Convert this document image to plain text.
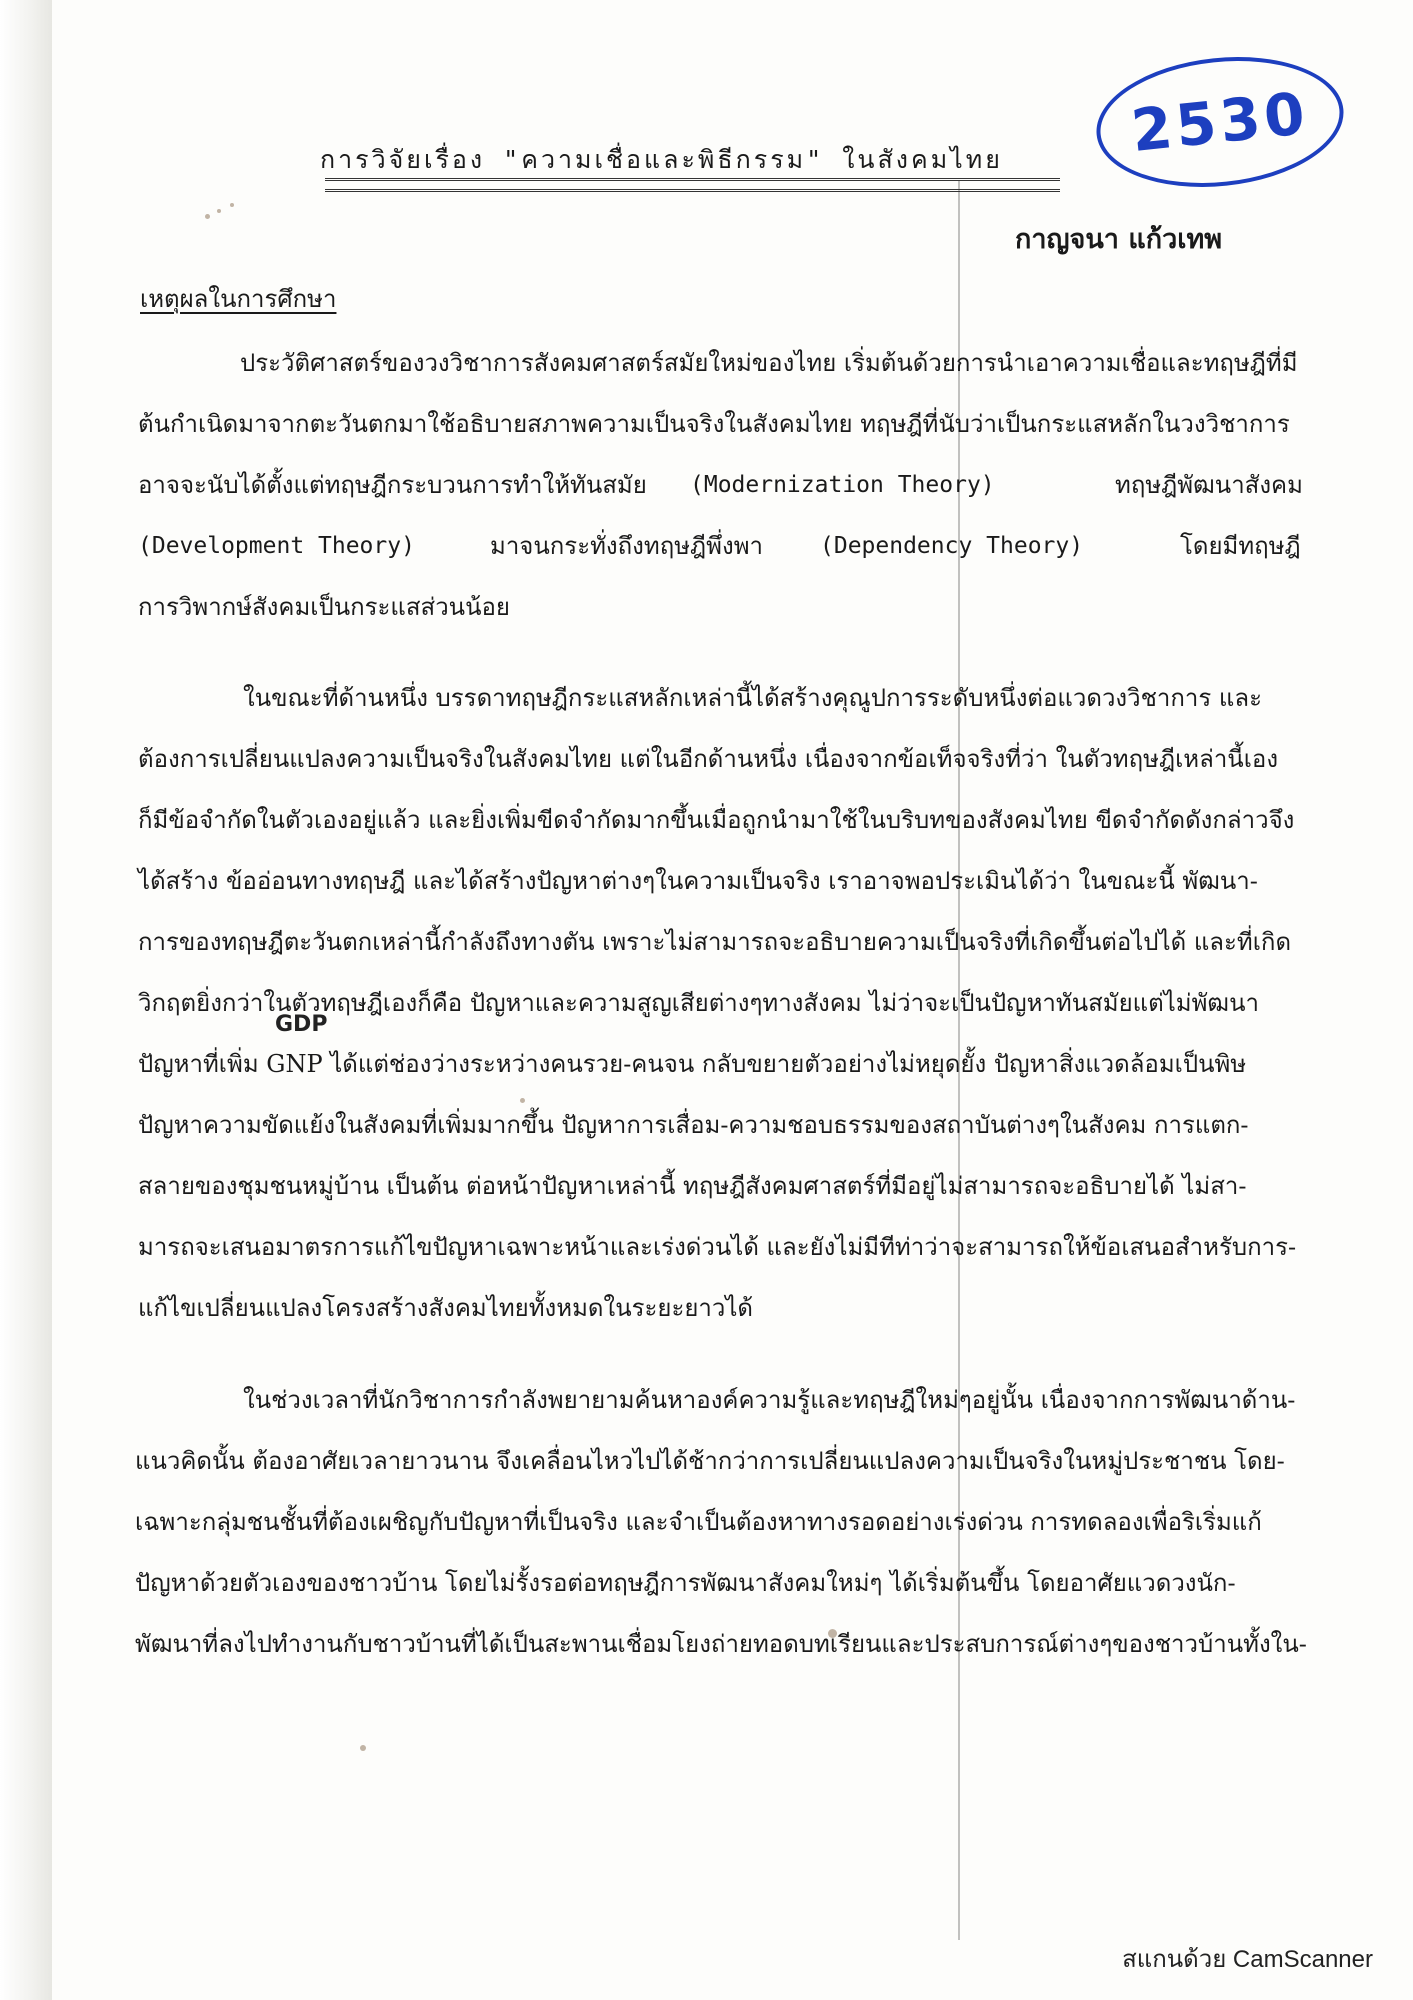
2530
การวิจัยเรื่อง "ความเชื่อและพิธีกรรม" ในสังคมไทย
กาญจนา แก้วเทพ
เหตุผลในการศึกษา
ประวัติศาสตร์ของวงวิชาการสังคมศาสตร์สมัยใหม่ของไทย เริ่มต้นด้วยการนำเอาความเชื่อและทฤษฎีที่มี
ต้นกำเนิดมาจากตะวันตกมาใช้อธิบายสภาพความเป็นจริงในสังคมไทย ทฤษฎีที่นับว่าเป็นกระแสหลักในวงวิชาการ
อาจจะนับได้ตั้งแต่ทฤษฎีกระบวนการทำให้ทันสมัย (Modernization Theory)	ทฤษฎีพัฒนาสังคม
(Development Theory)	มาจนกระทั่งถึงทฤษฎีพึ่งพา (Dependency Theory)	โดยมีทฤษฎี
การวิพากษ์สังคมเป็นกระแสส่วนน้อย
ในขณะที่ด้านหนึ่ง บรรดาทฤษฎีกระแสหลักเหล่านี้ได้สร้างคุณูปการระดับหนึ่งต่อแวดวงวิชาการ และ
ต้องการเปลี่ยนแปลงความเป็นจริงในสังคมไทย แต่ในอีกด้านหนึ่ง เนื่องจากข้อเท็จจริงที่ว่า ในตัวทฤษฎีเหล่านี้เอง
ก็มีข้อจำกัดในตัวเองอยู่แล้ว และยิ่งเพิ่มขีดจำกัดมากขึ้นเมื่อถูกนำมาใช้ในบริบทของสังคมไทย ขีดจำกัดดังกล่าวจึง
ได้สร้าง ข้ออ่อนทางทฤษฎี และได้สร้างปัญหาต่างๆในความเป็นจริง เราอาจพอประเมินได้ว่า ในขณะนี้ พัฒนา-
การของทฤษฎีตะวันตกเหล่านี้กำลังถึงทางตัน เพราะไม่สามารถจะอธิบายความเป็นจริงที่เกิดขึ้นต่อไปได้ และที่เกิด
วิกฤตยิ่งกว่าในตัวทฤษฎีเองก็คือ ปัญหาและความสูญเสียต่างๆทางสังคม ไม่ว่าจะเป็นปัญหาทันสมัยแต่ไม่พัฒนา
GDP
ปัญหาที่เพิ่ม GNP ได้แต่ช่องว่างระหว่างคนรวย-คนจน กลับขยายตัวอย่างไม่หยุดยั้ง ปัญหาสิ่งแวดล้อมเป็นพิษ
ปัญหาความขัดแย้งในสังคมที่เพิ่มมากขึ้น ปัญหาการเสื่อม-ความชอบธรรมของสถาบันต่างๆในสังคม การแตก-
สลายของชุมชนหมู่บ้าน เป็นต้น ต่อหน้าปัญหาเหล่านี้ ทฤษฎีสังคมศาสตร์ที่มีอยู่ไม่สามารถจะอธิบายได้ ไม่สา-
มารถจะเสนอมาตรการแก้ไขปัญหาเฉพาะหน้าและเร่งด่วนได้ และยังไม่มีทีท่าว่าจะสามารถให้ข้อเสนอสำหรับการ-
แก้ไขเปลี่ยนแปลงโครงสร้างสังคมไทยทั้งหมดในระยะยาวได้
ในช่วงเวลาที่นักวิชาการกำลังพยายามค้นหาองค์ความรู้และทฤษฎีใหม่ๆอยู่นั้น เนื่องจากการพัฒนาด้าน-
แนวคิดนั้น ต้องอาศัยเวลายาวนาน จึงเคลื่อนไหวไปได้ช้ากว่าการเปลี่ยนแปลงความเป็นจริงในหมู่ประชาชน โดย-
เฉพาะกลุ่มชนชั้นที่ต้องเผชิญกับปัญหาที่เป็นจริง และจำเป็นต้องหาทางรอดอย่างเร่งด่วน การทดลองเพื่อริเริ่มแก้
ปัญหาด้วยตัวเองของชาวบ้าน โดยไม่รั้งรอต่อทฤษฎีการพัฒนาสังคมใหม่ๆ ได้เริ่มต้นขึ้น โดยอาศัยแวดวงนัก-
พัฒนาที่ลงไปทำงานกับชาวบ้านที่ได้เป็นสะพานเชื่อมโยงถ่ายทอดบทเรียนและประสบการณ์ต่างๆของชาวบ้านทั้งใน-
สแกนด้วย CamScanner
